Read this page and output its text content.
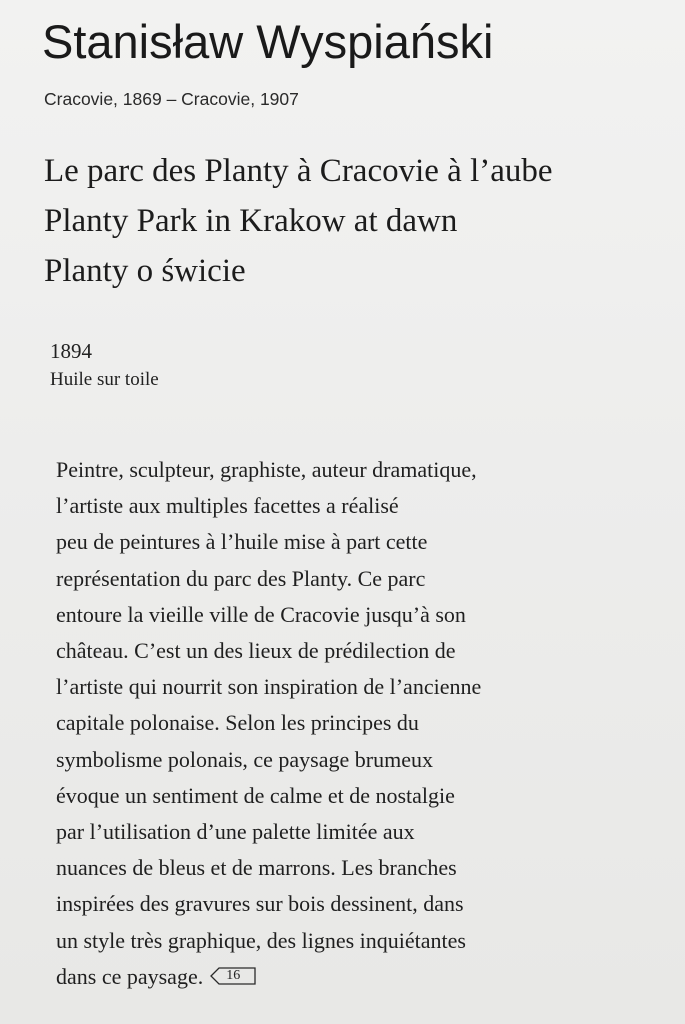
Stanisław Wyspiański
Cracovie, 1869 – Cracovie, 1907
Le parc des Planty à Cracovie à l’aube
Planty Park in Krakow at dawn
Planty o świcie
1894
Huile sur toile
Peintre, sculpteur, graphiste, auteur dramatique,
l’artiste aux multiples facettes a réalisé
peu de peintures à l’huile mise à part cette
représentation du parc des Planty. Ce parc
entoure la vieille ville de Cracovie jusqu’à son
château. C’est un des lieux de prédilection de
l’artiste qui nourrit son inspiration de l’ancienne
capitale polonaise. Selon les principes du
symbolisme polonais, ce paysage brumeux
évoque un sentiment de calme et de nostalgie
par l’utilisation d’une palette limitée aux
nuances de bleus et de marrons. Les branches
inspirées des gravures sur bois dessinent, dans
un style très graphique, des lignes inquiétantes
dans ce paysage.	16
